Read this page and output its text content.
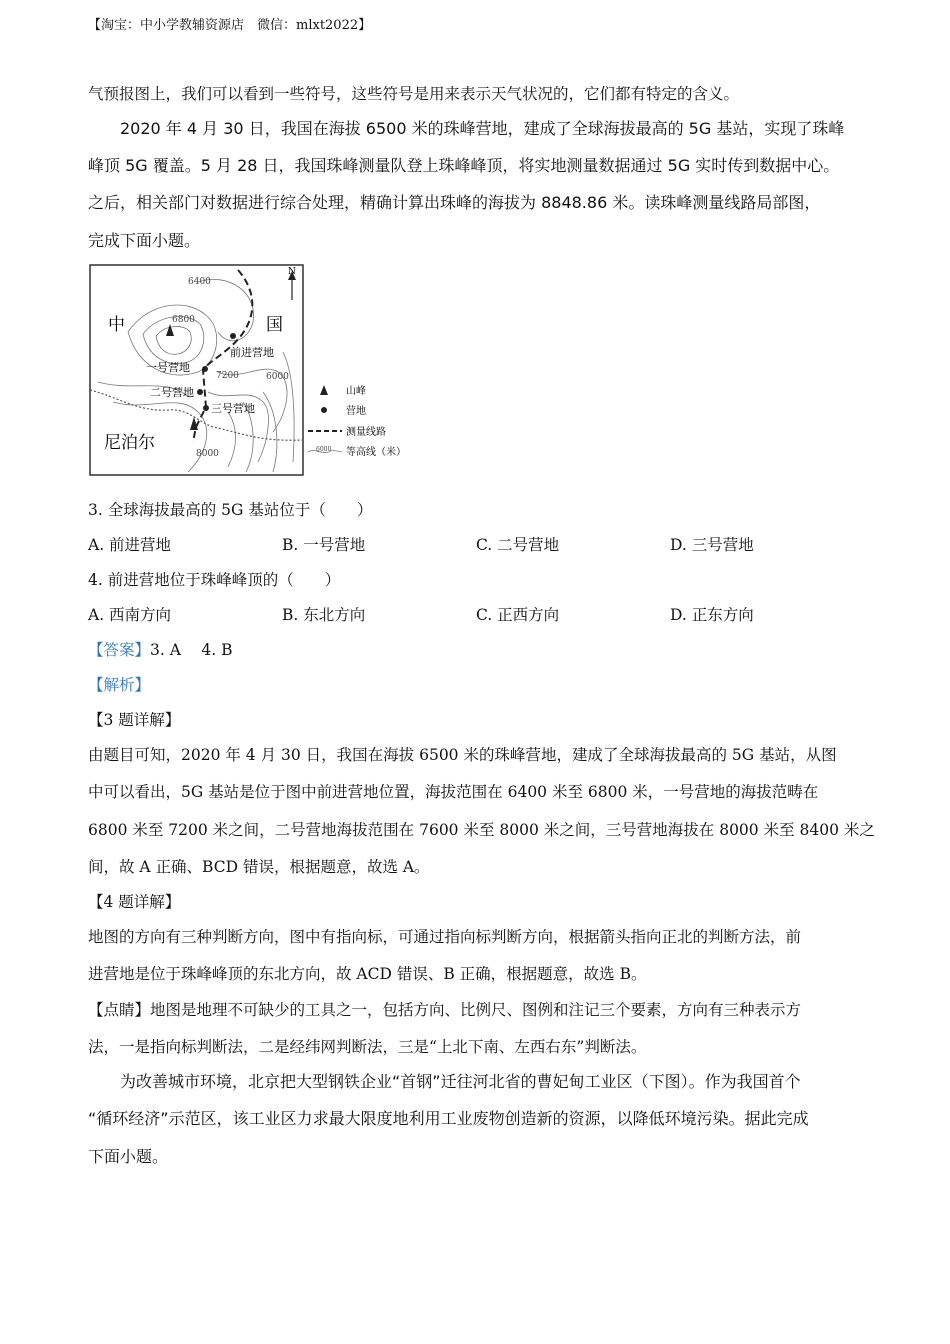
【淘宝：中小学教辅资源店　微信：mlxt2022】
气预报图上，我们可以看到一些符号，这些符号是用来表示天气状况的，它们都有特定的含义。
2020 年 4 月 30 日，我国在海拔 6500 米的珠峰营地，建成了全球海拔最高的 5G 基站，实现了珠峰
峰顶 5G 覆盖。5 月 28 日，我国珠峰测量队登上珠峰峰顶，将实地测量数据通过 5G 实时传到数据中心。
之后，相关部门对数据进行综合处理，精确计算出珠峰的海拔为 8848.86 米。读珠峰测量线路局部图，
完成下面小题。
N
中	国
尼泊尔
前进营地
一号营地
二号营地
三号营地
6400
6800
7200	6000
8000
山峰
营地
测量线路
6000 等高线（米）
3. 全球海拔最高的 5G 基站位于（　　）
A. 前进营地	B. 一号营地	C. 二号营地	D. 三号营地
4. 前进营地位于珠峰峰顶的（　　）
A. 西南方向	B. 东北方向	C. 正西方向	D. 正东方向
【答案】3. A　 4. B
【解析】
【3 题详解】
由题目可知，2020 年 4 月 30 日，我国在海拔 6500 米的珠峰营地，建成了全球海拔最高的 5G 基站，从图
中可以看出，5G 基站是位于图中前进营地位置，海拔范围在 6400 米至 6800 米，一号营地的海拔范畴在
6800 米至 7200 米之间，二号营地海拔范围在 7600 米至 8000 米之间，三号营地海拔在 8000 米至 8400 米之
间，故 A 正确、BCD 错误，根据题意，故选 A。
【4 题详解】
地图的方向有三种判断方向，图中有指向标，可通过指向标判断方向，根据箭头指向正北的判断方法，前
进营地是位于珠峰峰顶的东北方向，故 ACD 错误、B 正确，根据题意，故选 B。
【点睛】地图是地理不可缺少的工具之一，包括方向、比例尺、图例和注记三个要素，方向有三种表示方
法，一是指向标判断法，二是经纬网判断法，三是“上北下南、左西右东”判断法。
为改善城市环境，北京把大型钢铁企业“首钢”迁往河北省的曹妃甸工业区（下图）。作为我国首个
“循环经济”示范区，该工业区力求最大限度地利用工业废物创造新的资源，以降低环境污染。据此完成
下面小题。
